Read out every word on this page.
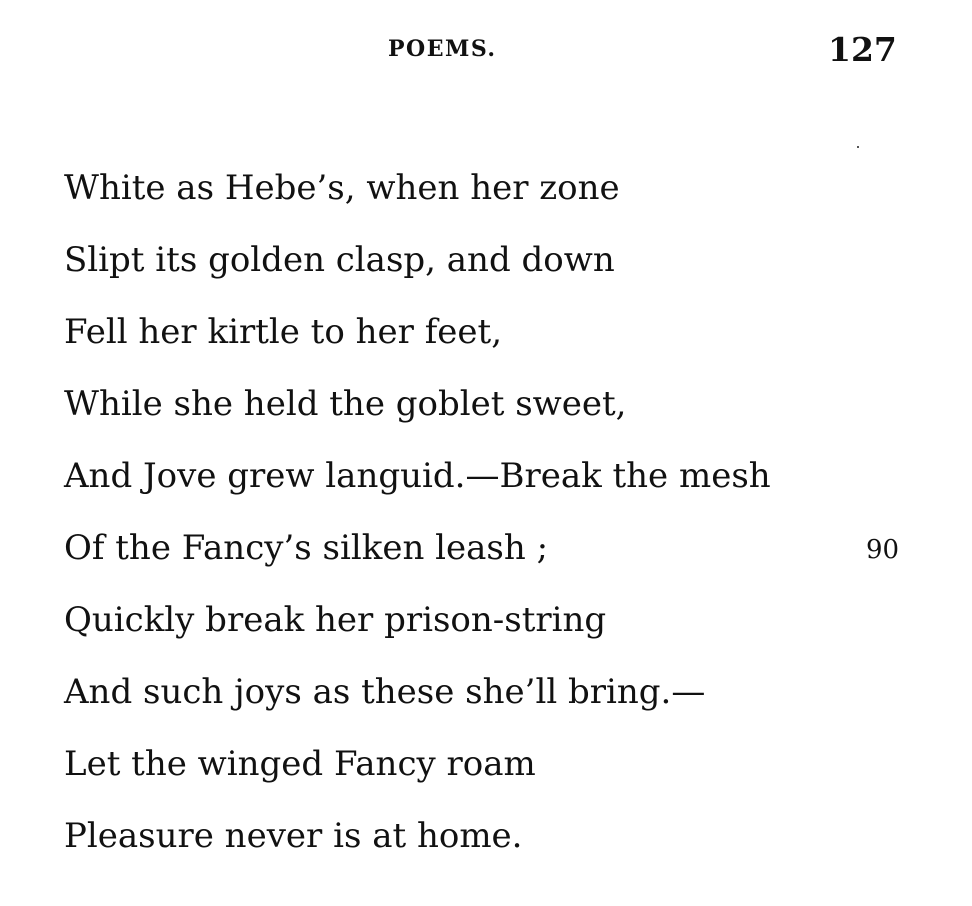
POEMS.	127
White as Hebe’s, when her zone
Slipt its golden clasp, and down
Fell her kirtle to her feet,
While she held the goblet sweet,
And Jove grew languid.—Break the mesh
Of the Fancy’s silken leash ;	90
Quickly break her prison-string
And such joys as these she’ll bring.—
Let the winged Fancy roam
Pleasure never is at home.
